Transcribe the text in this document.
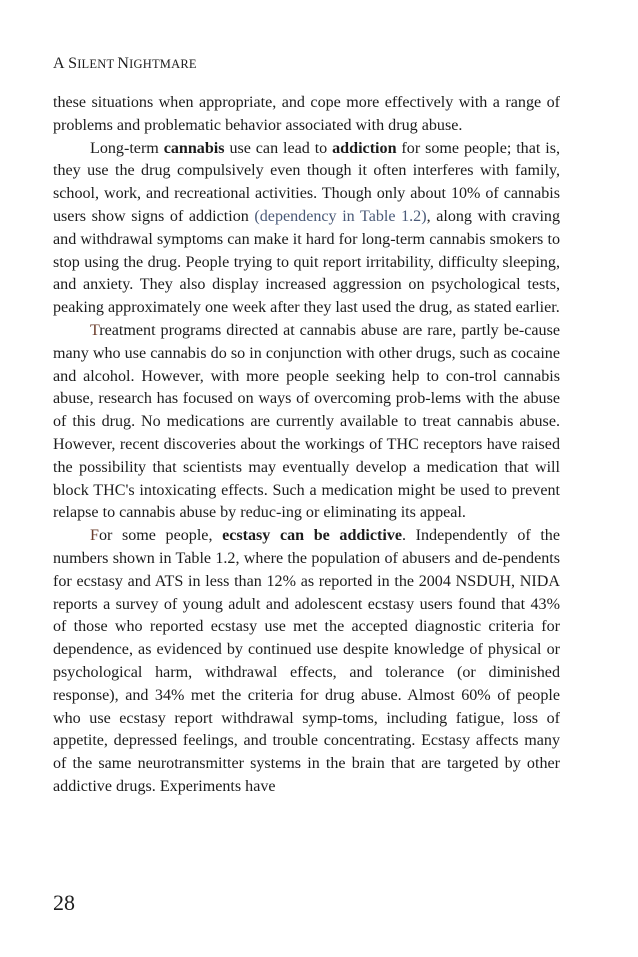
A SILENT NIGHTMARE

these situations when appropriate, and cope more effectively with a range of problems and problematic behavior associated with drug abuse.

Long-term cannabis use can lead to addiction for some people; that is, they use the drug compulsively even though it often interferes with family, school, work, and recreational activities. Though only about 10% of cannabis users show signs of addiction (dependency in Table 1.2), along with craving and withdrawal symptoms can make it hard for long-term cannabis smokers to stop using the drug. People trying to quit report irritability, difficulty sleeping, and anxiety. They also display increased aggression on psychological tests, peaking approximately one week after they last used the drug, as stated earlier.

Treatment programs directed at cannabis abuse are rare, partly be-cause many who use cannabis do so in conjunction with other drugs, such as cocaine and alcohol. However, with more people seeking help to con-trol cannabis abuse, research has focused on ways of overcoming prob-lems with the abuse of this drug. No medications are currently available to treat cannabis abuse. However, recent discoveries about the workings of THC receptors have raised the possibility that scientists may eventually develop a medication that will block THC's intoxicating effects. Such a medication might be used to prevent relapse to cannabis abuse by reduc-ing or eliminating its appeal.

For some people, ecstasy can be addictive. Independently of the numbers shown in Table 1.2, where the population of abusers and de-pendents for ecstasy and ATS in less than 12% as reported in the 2004 NSDUH, NIDA reports a survey of young adult and adolescent ecstasy users found that 43% of those who reported ecstasy use met the accepted diagnostic criteria for dependence, as evidenced by continued use despite knowledge of physical or psychological harm, withdrawal effects, and tolerance (or diminished response), and 34% met the criteria for drug abuse. Almost 60% of people who use ecstasy report withdrawal symp-toms, including fatigue, loss of appetite, depressed feelings, and trouble concentrating. Ecstasy affects many of the same neurotransmitter systems in the brain that are targeted by other addictive drugs. Experiments have

28
